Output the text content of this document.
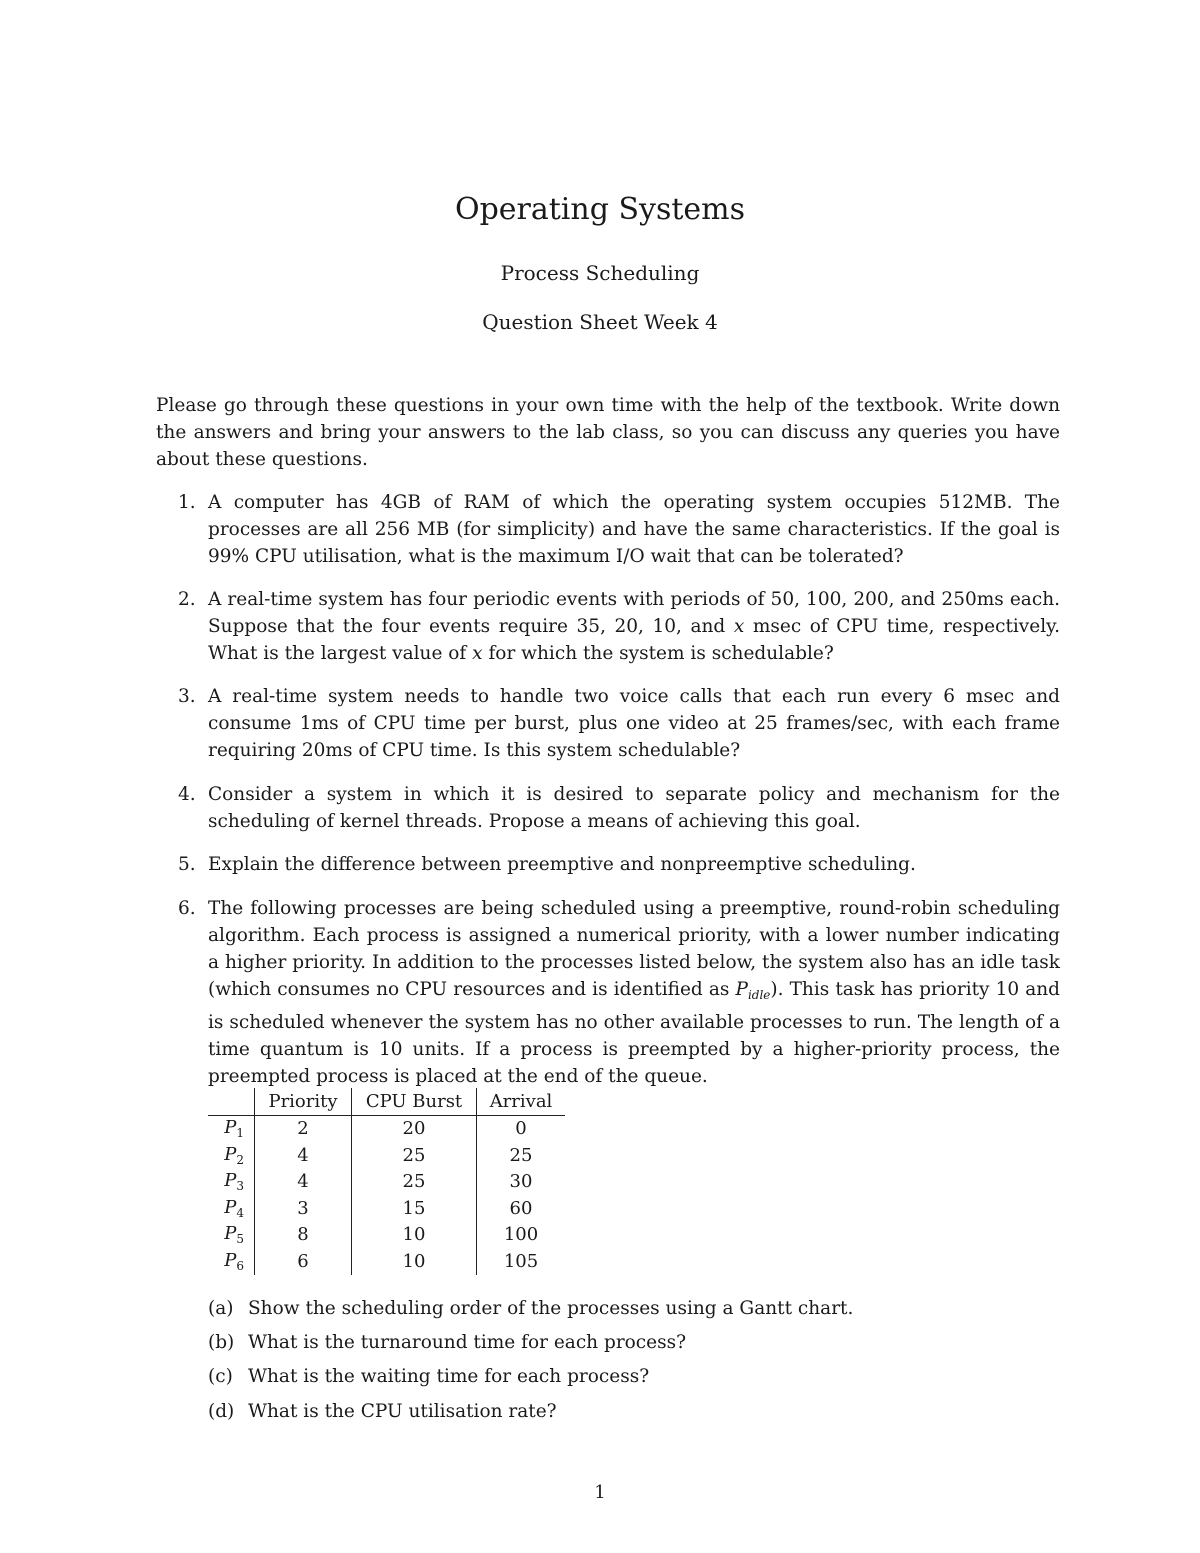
Operating Systems
Process Scheduling
Question Sheet Week 4

Please go through these questions in your own time with the help of the textbook. Write down the answers and bring your answers to the lab class, so you can discuss any queries you have about these questions.

1. A computer has 4GB of RAM of which the operating system occupies 512MB. The processes are all 256 MB (for simplicity) and have the same characteristics. If the goal is 99% CPU utilisation, what is the maximum I/O wait that can be tolerated?
2. A real-time system has four periodic events with periods of 50, 100, 200, and 250ms each. Suppose that the four events require 35, 20, 10, and x msec of CPU time, respectively. What is the largest value of x for which the system is schedulable?
3. A real-time system needs to handle two voice calls that each run every 6 msec and consume 1ms of CPU time per burst, plus one video at 25 frames/sec, with each frame requiring 20ms of CPU time. Is this system schedulable?
4. Consider a system in which it is desired to separate policy and mechanism for the scheduling of kernel threads. Propose a means of achieving this goal.
5. Explain the difference between preemptive and nonpreemptive scheduling.
6. The following processes are being scheduled using a preemptive, round-robin scheduling algorithm. Each process is assigned a numerical priority, with a lower number indicating a higher priority. In addition to the processes listed below, the system also has an idle task (which consumes no CPU resources and is identified as $P_{idle}$). This task has priority 10 and is scheduled whenever the system has no other available processes to run. The length of a time quantum is 10 units. If a process is preempted by a higher-priority process, the preempted process is placed at the end of the queue.
	Priority	CPU Burst	Arrival
$P_1$	2	20	0
$P_2$	4	25	25
$P_3$	4	25	30
$P_4$	3	15	60
$P_5$	8	10	100
$P_6$	6	10	105
(a) Show the scheduling order of the processes using a Gantt chart.
(b) What is the turnaround time for each process?
(c) What is the waiting time for each process?
(d) What is the CPU utilisation rate?
1
